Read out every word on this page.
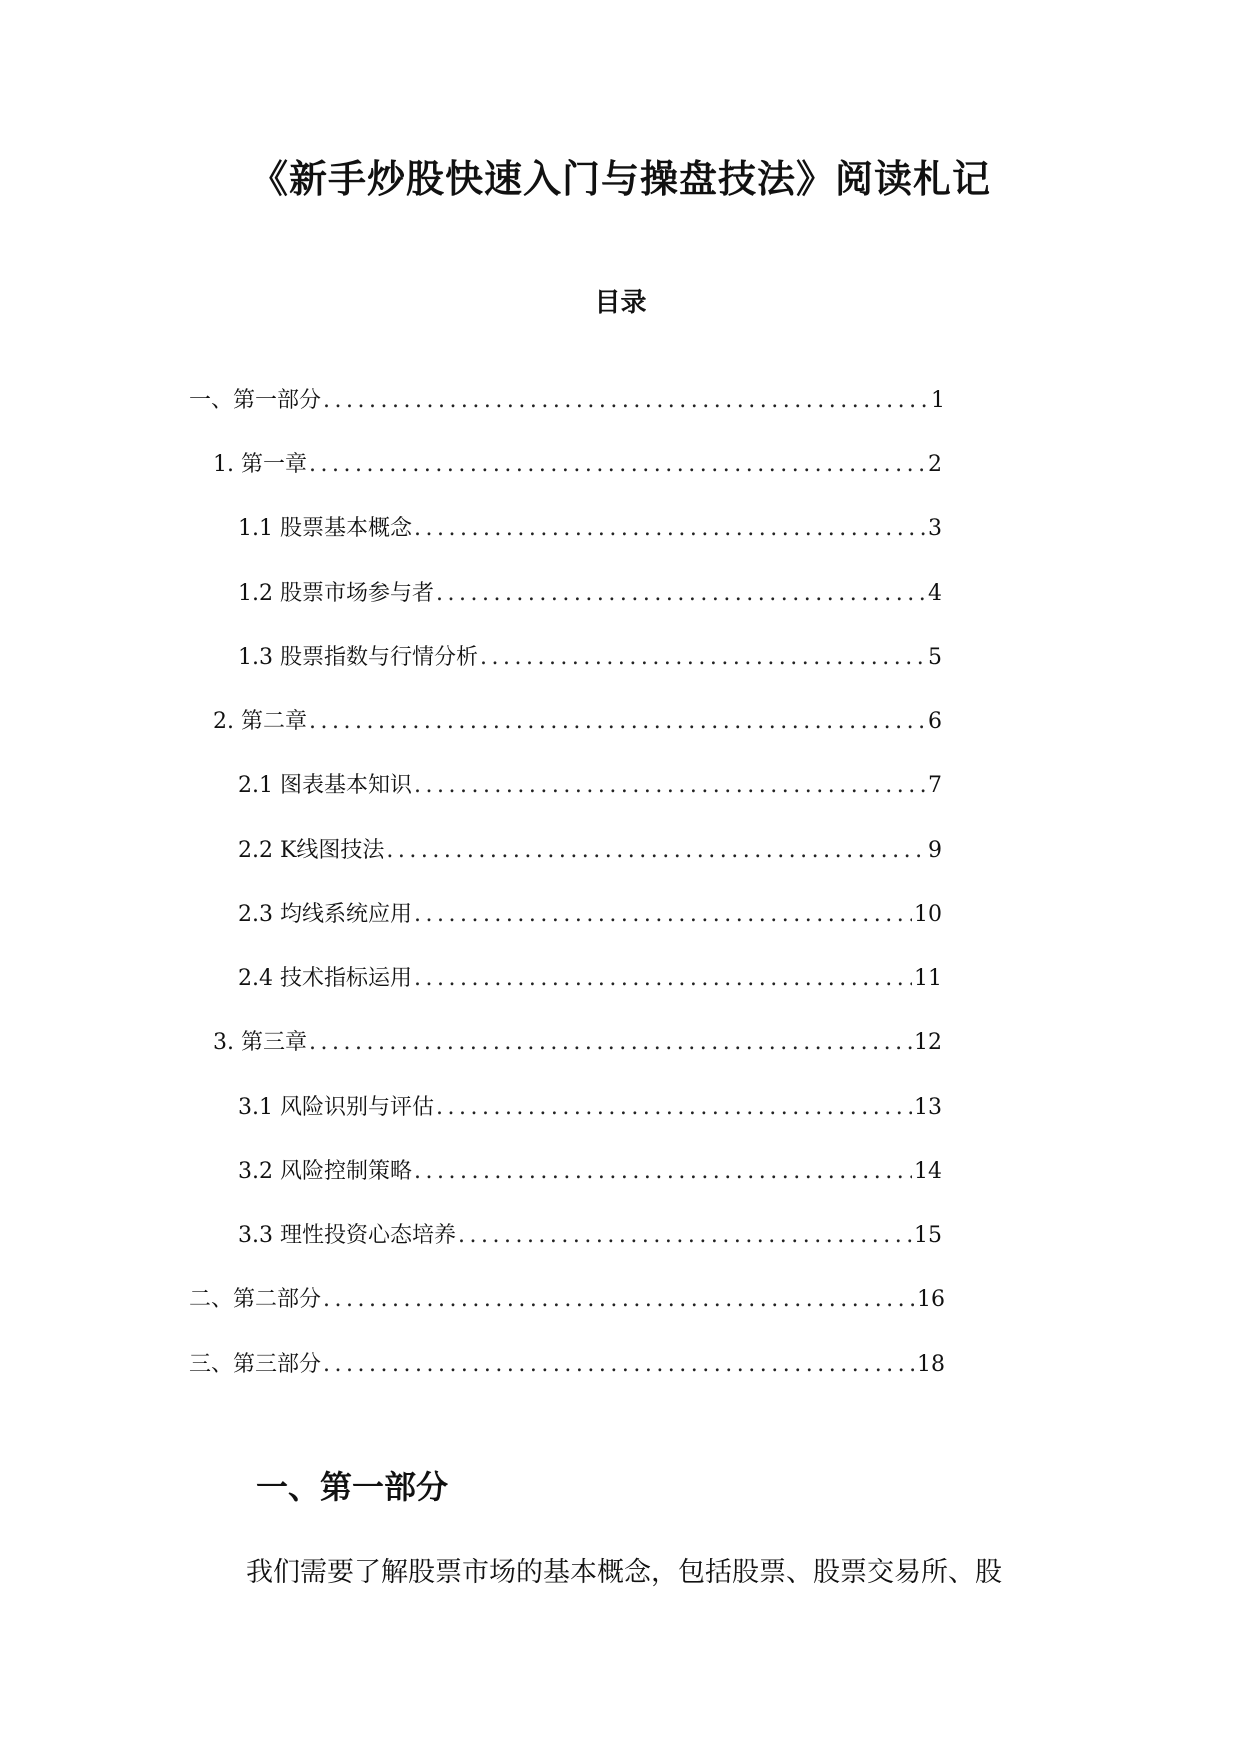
《新手炒股快速入门与操盘技法》阅读札记
目录
一、第一部分 .....	1
1. 第一章 .....	2
1.1 股票基本概念 .....	3
1.2 股票市场参与者 .....	4
1.3 股票指数与行情分析 .....	5
2. 第二章 .....	6
2.1 图表基本知识 .....	7
2.2 K线图技法 .....	9
2.3 均线系统应用 .....	10
2.4 技术指标运用 .....	11
3. 第三章 .....	12
3.1 风险识别与评估 .....	13
3.2 风险控制策略 .....	14
3.3 理性投资心态培养 .....	15
二、第二部分 .....	16
三、第三部分 .....	18
一、第一部分

我们需要了解股票市场的基本概念，包括股票、股票交易所、股
